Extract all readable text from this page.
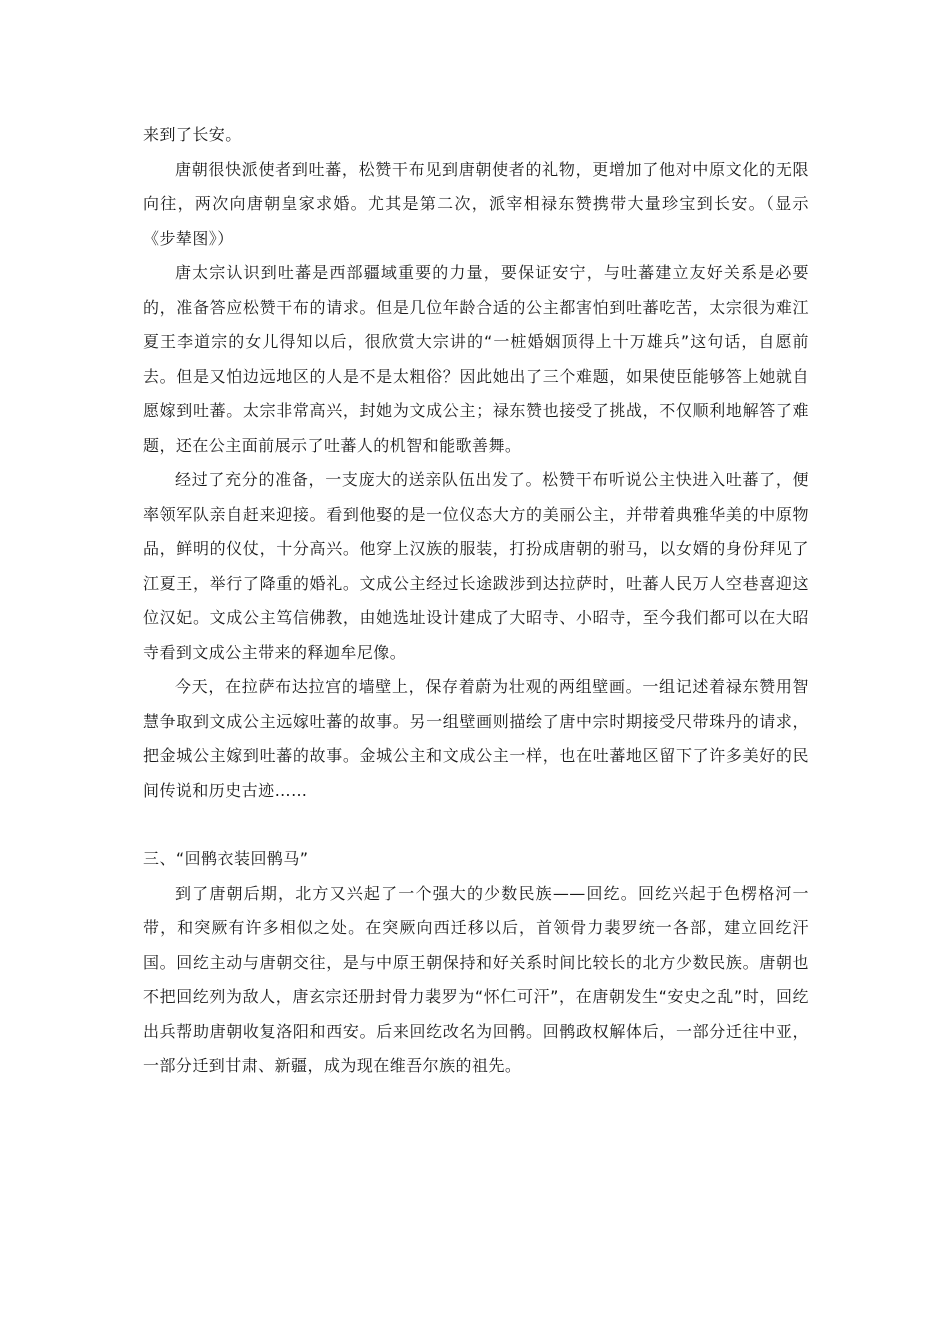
来到了长安。

唐朝很快派使者到吐蕃，松赞干布见到唐朝使者的礼物，更增加了他对中原文化的无限向往，两次向唐朝皇家求婚。尤其是第二次，派宰相禄东赞携带大量珍宝到长安。（显示《步辇图》）

唐太宗认识到吐蕃是西部疆域重要的力量，要保证安宁，与吐蕃建立友好关系是必要的，准备答应松赞干布的请求。但是几位年龄合适的公主都害怕到吐蕃吃苦，太宗很为难江夏王李道宗的女儿得知以后，很欣赏大宗讲的“一桩婚姻顶得上十万雄兵”这句话，自愿前去。但是又怕边远地区的人是不是太粗俗？因此她出了三个难题，如果使臣能够答上她就自愿嫁到吐蕃。太宗非常高兴，封她为文成公主；禄东赞也接受了挑战，不仅顺利地解答了难题，还在公主面前展示了吐蕃人的机智和能歌善舞。

经过了充分的准备，一支庞大的送亲队伍出发了。松赞干布听说公主快进入吐蕃了，便率领军队亲自赶来迎接。看到他娶的是一位仪态大方的美丽公主，并带着典雅华美的中原物品，鲜明的仪仗，十分高兴。他穿上汉族的服装，打扮成唐朝的驸马，以女婿的身份拜见了江夏王，举行了降重的婚礼。文成公主经过长途跋涉到达拉萨时，吐蕃人民万人空巷喜迎这位汉妃。文成公主笃信佛教，由她选址设计建成了大昭寺、小昭寺，至今我们都可以在大昭寺看到文成公主带来的释迦牟尼像。

今天，在拉萨布达拉宫的墙壁上，保存着蔚为壮观的两组壁画。一组记述着禄东赞用智慧争取到文成公主远嫁吐蕃的故事。另一组壁画则描绘了唐中宗时期接受尺带珠丹的请求，把金城公主嫁到吐蕃的故事。金城公主和文成公主一样，也在吐蕃地区留下了许多美好的民间传说和历史古迹……

三、“回鹘衣装回鹘马”

到了唐朝后期，北方又兴起了一个强大的少数民族——回纥。回纥兴起于色楞格河一带，和突厥有许多相似之处。在突厥向西迁移以后，首领骨力裴罗统一各部，建立回纥汗国。回纥主动与唐朝交往，是与中原王朝保持和好关系时间比较长的北方少数民族。唐朝也不把回纥列为敌人，唐玄宗还册封骨力裴罗为“怀仁可汗”，在唐朝发生“安史之乱”时，回纥出兵帮助唐朝收复洛阳和西安。后来回纥改名为回鹘。回鹘政权解体后，一部分迁往中亚，一部分迁到甘肃、新疆，成为现在维吾尔族的祖先。
